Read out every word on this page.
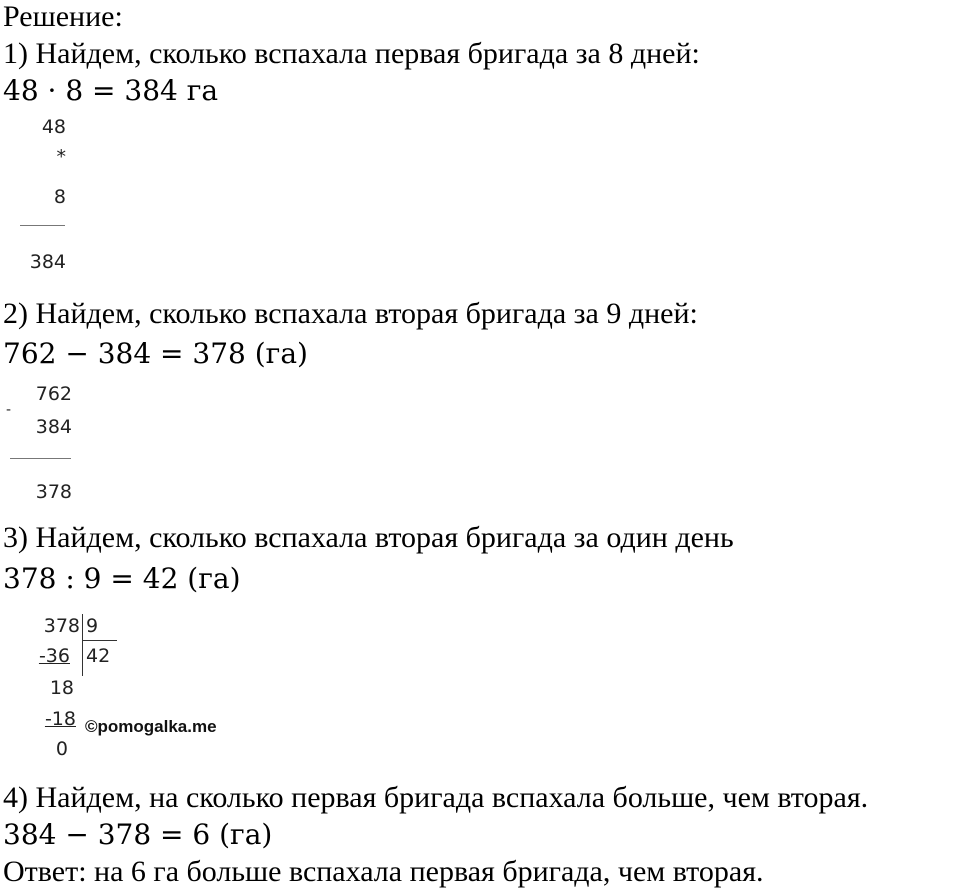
Решение:
1) Найдем, сколько вспахала первая бригада за 8 дней:
48 · 8 = 384 га
48
*
8
384
2) Найдем, сколько вспахала вторая бригада за 9 дней:
762 − 384 = 378 (га)
-
762
384
378
3) Найдем, сколько вспахала вторая бригада за один день
378 : 9 = 42 (га)
378 9
-36 42
18
-18
0
©pomogalka.me
4) Найдем, на сколько первая бригада вспахала больше, чем вторая.
384 − 378 = 6 (га)
Ответ: на 6 га больше вспахала первая бригада, чем вторая.
